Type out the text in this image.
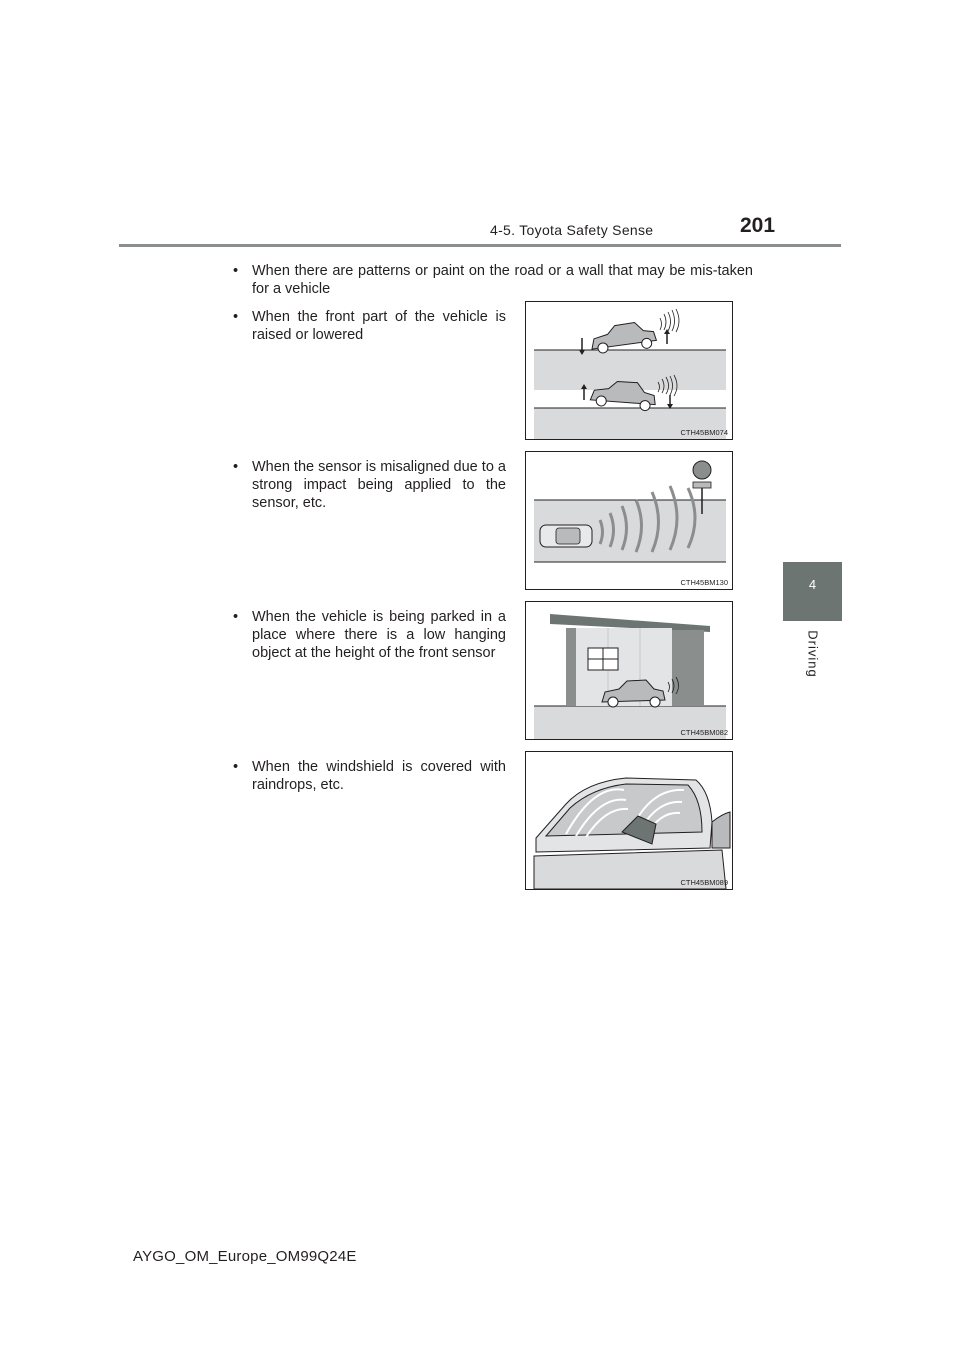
4-5. Toyota Safety Sense	201
4
Driving
• When there are patterns or paint on the road or a wall that may be mis-taken for a vehicle
• When the front part of the vehicle is raised or lowered
CTH45BM074
• When the sensor is misaligned due to a strong impact being applied to the sensor, etc.
CTH45BM130
• When the vehicle is being parked in a place where there is a low hanging object at the height of the front sensor
CTH45BM082
• When the windshield is covered with raindrops, etc.
CTH45BM089
AYGO_OM_Europe_OM99Q24E
